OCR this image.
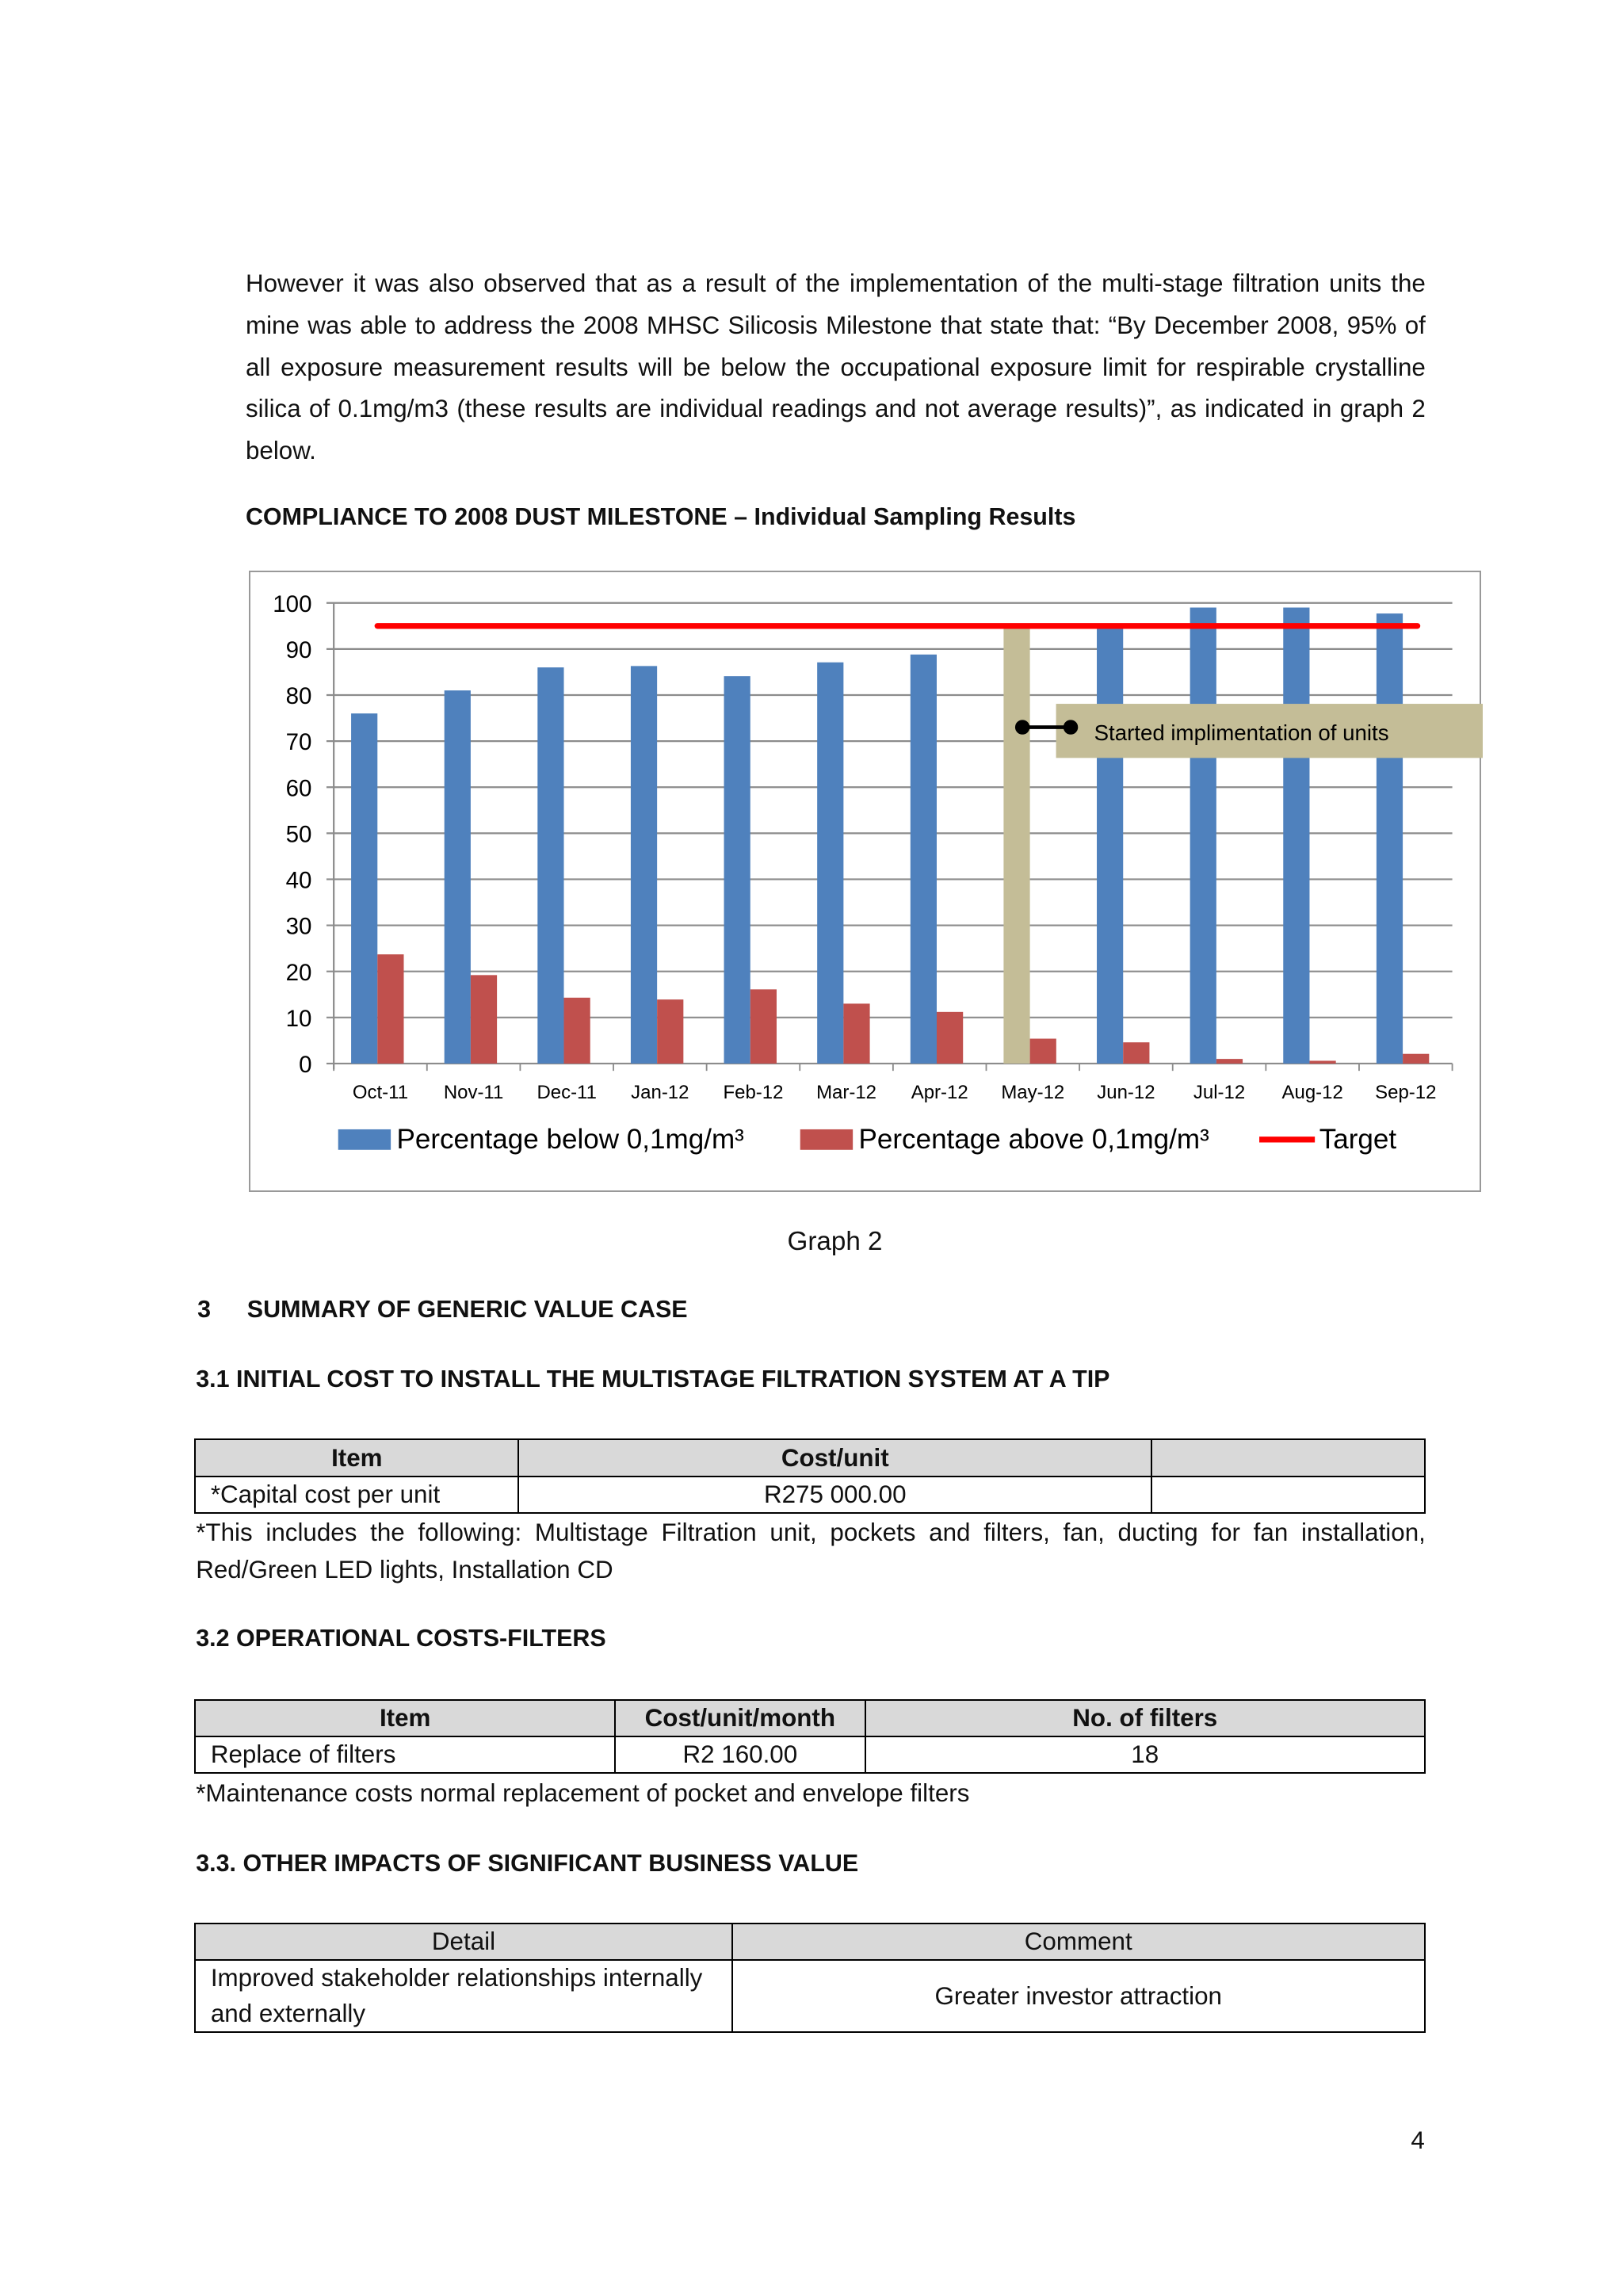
However it was also observed that as a result of the implementation of the multi-stage filtration units the mine was able to address the 2008 MHSC Silicosis Milestone that state that: “By December 2008, 95% of all exposure measurement results will be below the occupational exposure limit for respirable crystalline silica of 0.1mg/m3 (these results are individual readings and not average results)”, as indicated in graph 2 below.
COMPLIANCE TO 2008 DUST MILESTONE – Individual Sampling Results
0
10
20
30
40
50
60
70
80
90
100
Oct-11	Nov-11	Dec-11	Jan-12	Feb-12	Mar-12	Apr-12	May-12	Jun-12	Jul-12	Aug-12	Sep-12
Started implimentation of units
Percentage below 0,1mg/m³	Percentage above 0,1mg/m³	Target
Graph 2
3	SUMMARY OF GENERIC VALUE CASE
3.1 INITIAL COST TO INSTALL THE MULTISTAGE FILTRATION SYSTEM AT A TIP
Item	Cost/unit	
*Capital cost per unit	R275 000.00	
*This includes the following: Multistage Filtration unit, pockets and filters, fan, ducting for fan installation, Red/Green LED lights, Installation CD
3.2 OPERATIONAL COSTS-FILTERS
Item	Cost/unit/month	No. of filters
Replace of filters	R2 160.00	18
*Maintenance costs normal replacement of pocket and envelope filters
3.3. OTHER IMPACTS OF SIGNIFICANT BUSINESS VALUE
Detail	Comment
Improved stakeholder relationships internally and externally	Greater investor attraction
4
